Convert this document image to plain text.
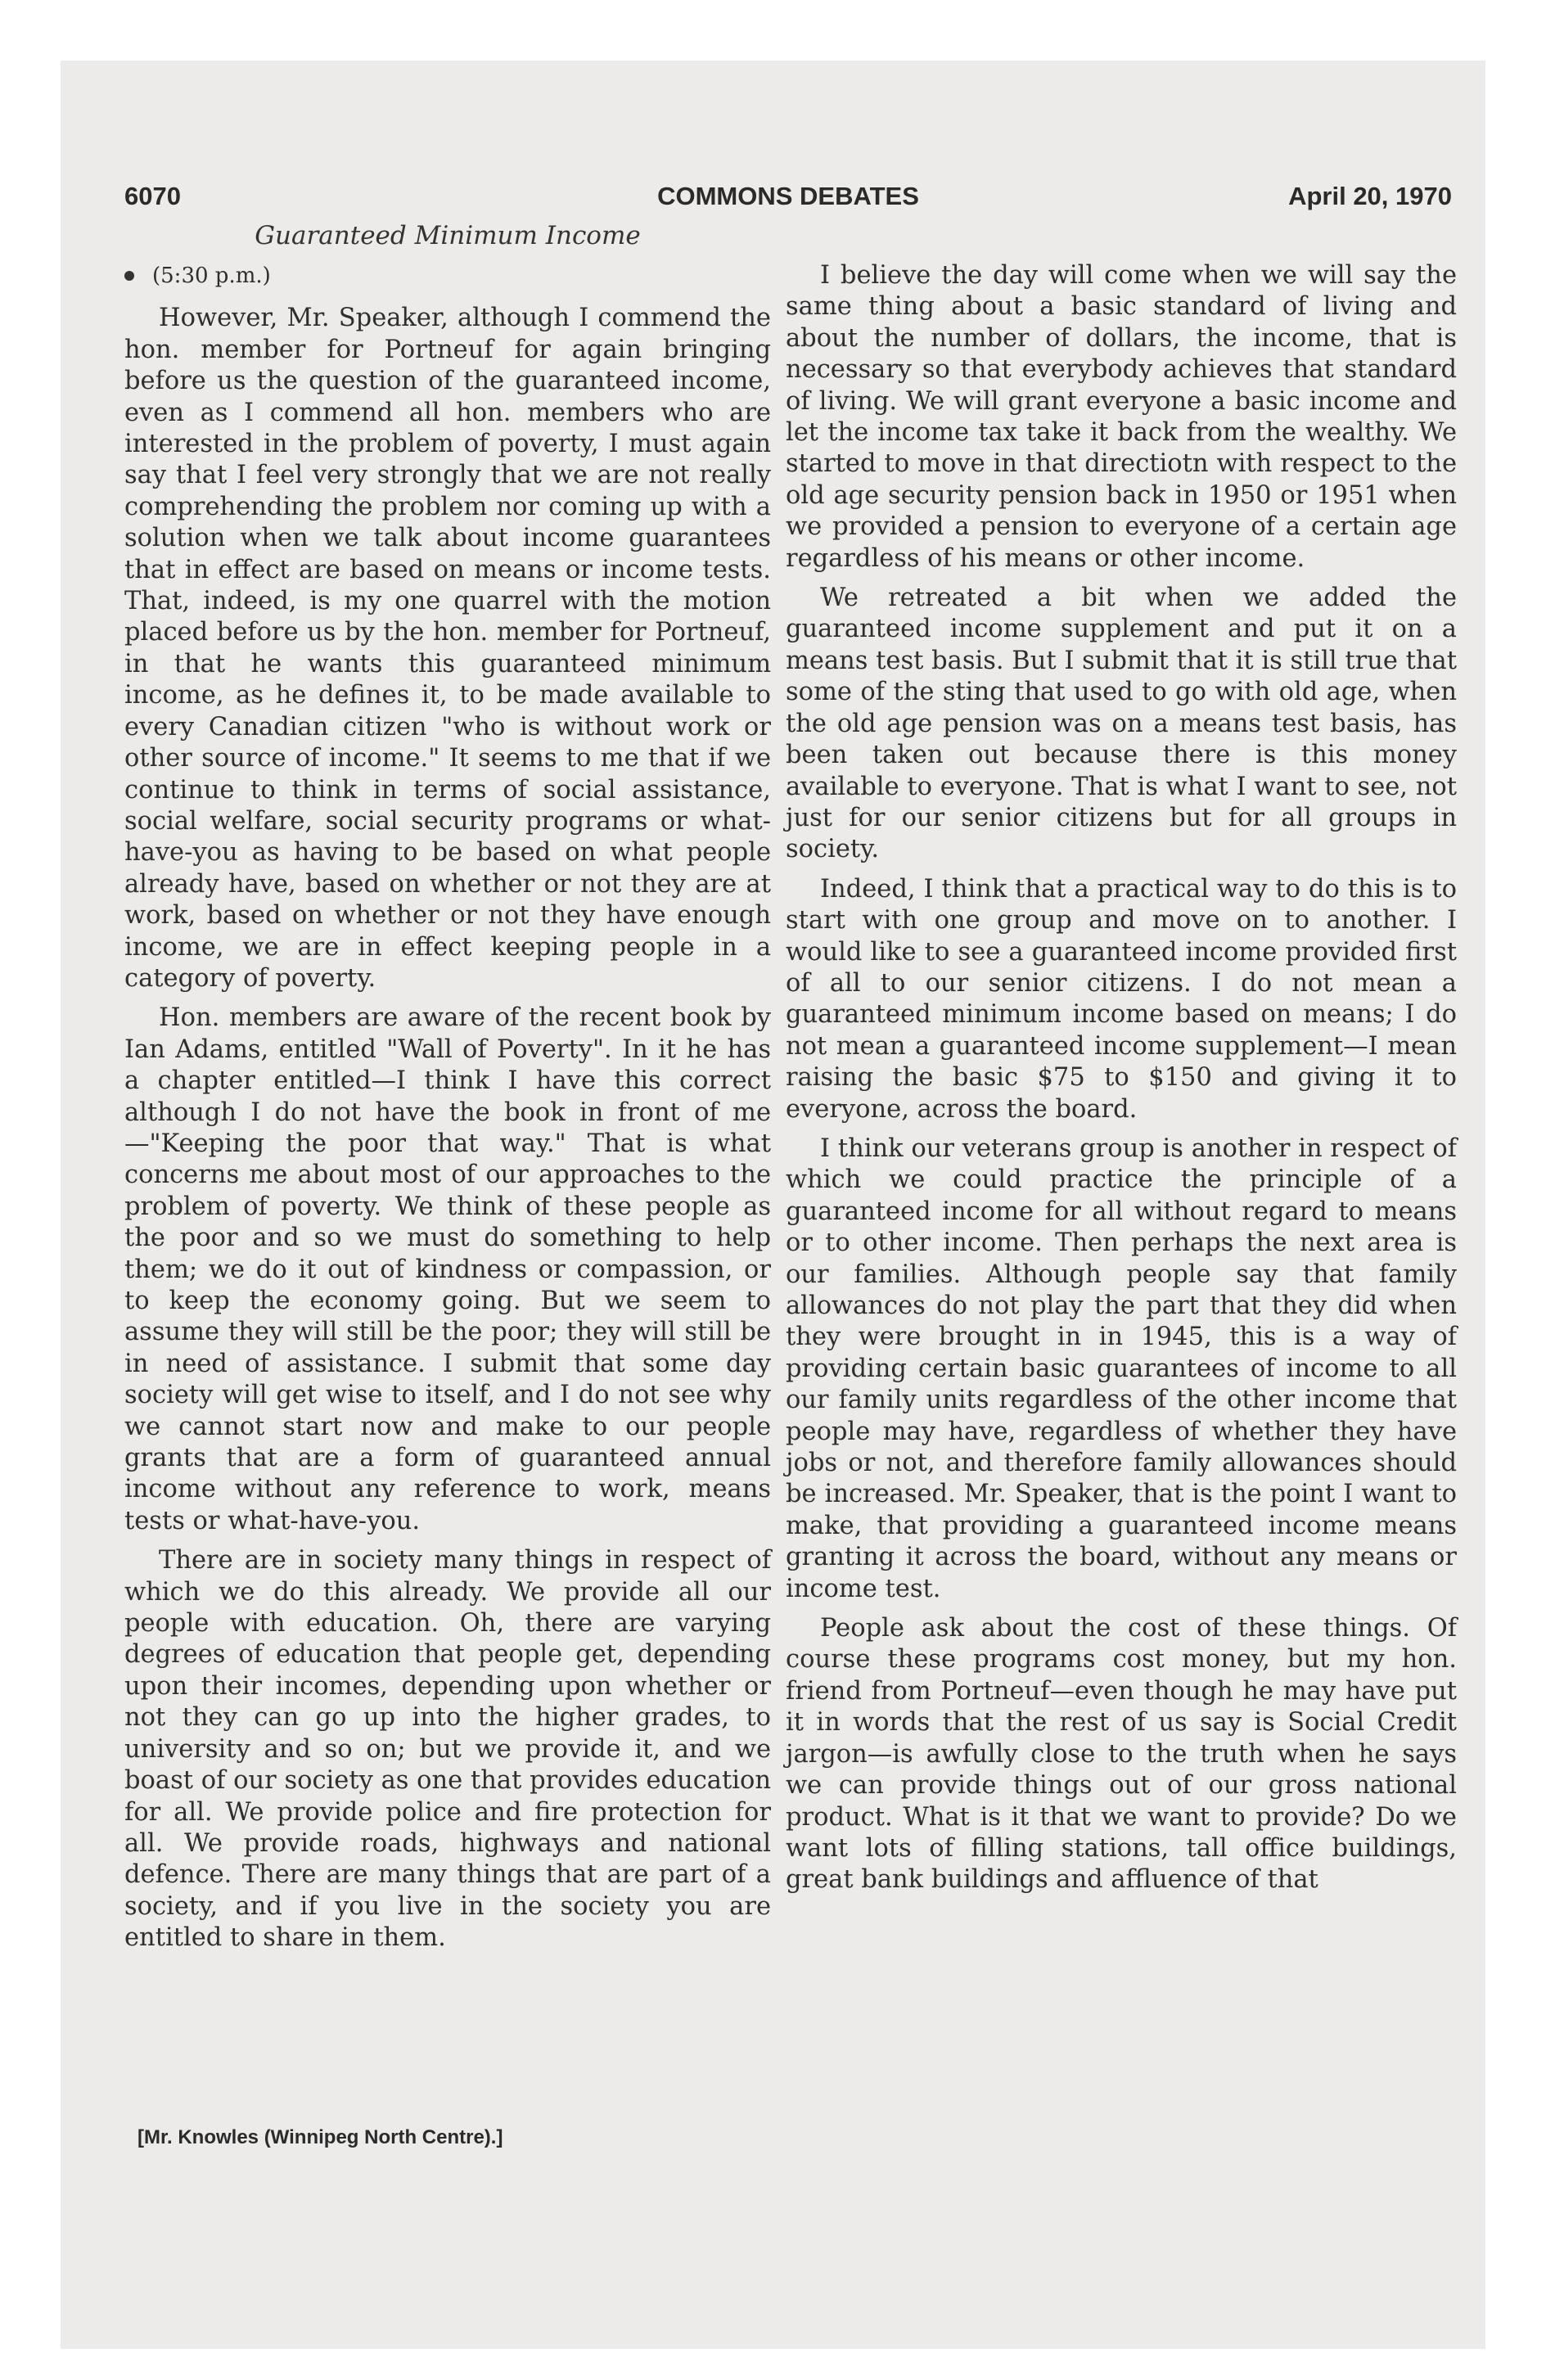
6070	COMMONS DEBATES	April 20, 1970
Guaranteed Minimum Income
(5:30 p.m.)

However, Mr. Speaker, although I commend the hon. member for Portneuf for again bringing before us the question of the guaranteed income, even as I commend all hon. members who are interested in the problem of poverty, I must again say that I feel very strongly that we are not really comprehending the problem nor coming up with a solution when we talk about income guarantees that in effect are based on means or income tests. That, indeed, is my one quarrel with the motion placed before us by the hon. member for Portneuf, in that he wants this guaranteed minimum income, as he defines it, to be made available to every Canadian citizen "who is without work or other source of income." It seems to me that if we continue to think in terms of social assistance, social welfare, social security programs or what-have-you as having to be based on what people already have, based on whether or not they are at work, based on whether or not they have enough income, we are in effect keeping people in a category of poverty.

Hon. members are aware of the recent book by Ian Adams, entitled "Wall of Poverty". In it he has a chapter entitled—I think I have this correct although I do not have the book in front of me—"Keeping the poor that way." That is what concerns me about most of our approaches to the problem of poverty. We think of these people as the poor and so we must do something to help them; we do it out of kindness or compassion, or to keep the economy going. But we seem to assume they will still be the poor; they will still be in need of assistance. I submit that some day society will get wise to itself, and I do not see why we cannot start now and make to our people grants that are a form of guaranteed annual income without any reference to work, means tests or what-have-you.

There are in society many things in respect of which we do this already. We provide all our people with education. Oh, there are varying degrees of education that people get, depending upon their incomes, depending upon whether or not they can go up into the higher grades, to university and so on; but we provide it, and we boast of our society as one that provides education for all. We provide police and fire protection for all. We provide roads, highways and national defence. There are many things that are part of a society, and if you live in the society you are entitled to share in them.

I believe the day will come when we will say the same thing about a basic standard of living and about the number of dollars, the income, that is necessary so that everybody achieves that standard of living. We will grant everyone a basic income and let the income tax take it back from the wealthy. We started to move in that directiotn with respect to the old age security pension back in 1950 or 1951 when we provided a pension to everyone of a certain age regardless of his means or other income.

We retreated a bit when we added the guaranteed income supplement and put it on a means test basis. But I submit that it is still true that some of the sting that used to go with old age, when the old age pension was on a means test basis, has been taken out because there is this money available to everyone. That is what I want to see, not just for our senior citizens but for all groups in society.

Indeed, I think that a practical way to do this is to start with one group and move on to another. I would like to see a guaranteed income provided first of all to our senior citizens. I do not mean a guaranteed minimum income based on means; I do not mean a guaranteed income supplement—I mean raising the basic $75 to $150 and giving it to everyone, across the board.

I think our veterans group is another in respect of which we could practice the principle of a guaranteed income for all without regard to means or to other income. Then perhaps the next area is our families. Although people say that family allowances do not play the part that they did when they were brought in in 1945, this is a way of providing certain basic guarantees of income to all our family units regardless of the other income that people may have, regardless of whether they have jobs or not, and therefore family allowances should be increased. Mr. Speaker, that is the point I want to make, that providing a guaranteed income means granting it across the board, without any means or income test.

People ask about the cost of these things. Of course these programs cost money, but my hon. friend from Portneuf—even though he may have put it in words that the rest of us say is Social Credit jargon—is awfully close to the truth when he says we can provide things out of our gross national product. What is it that we want to provide? Do we want lots of filling stations, tall office buildings, great bank buildings and affluence of that

[Mr. Knowles (Winnipeg North Centre).]
